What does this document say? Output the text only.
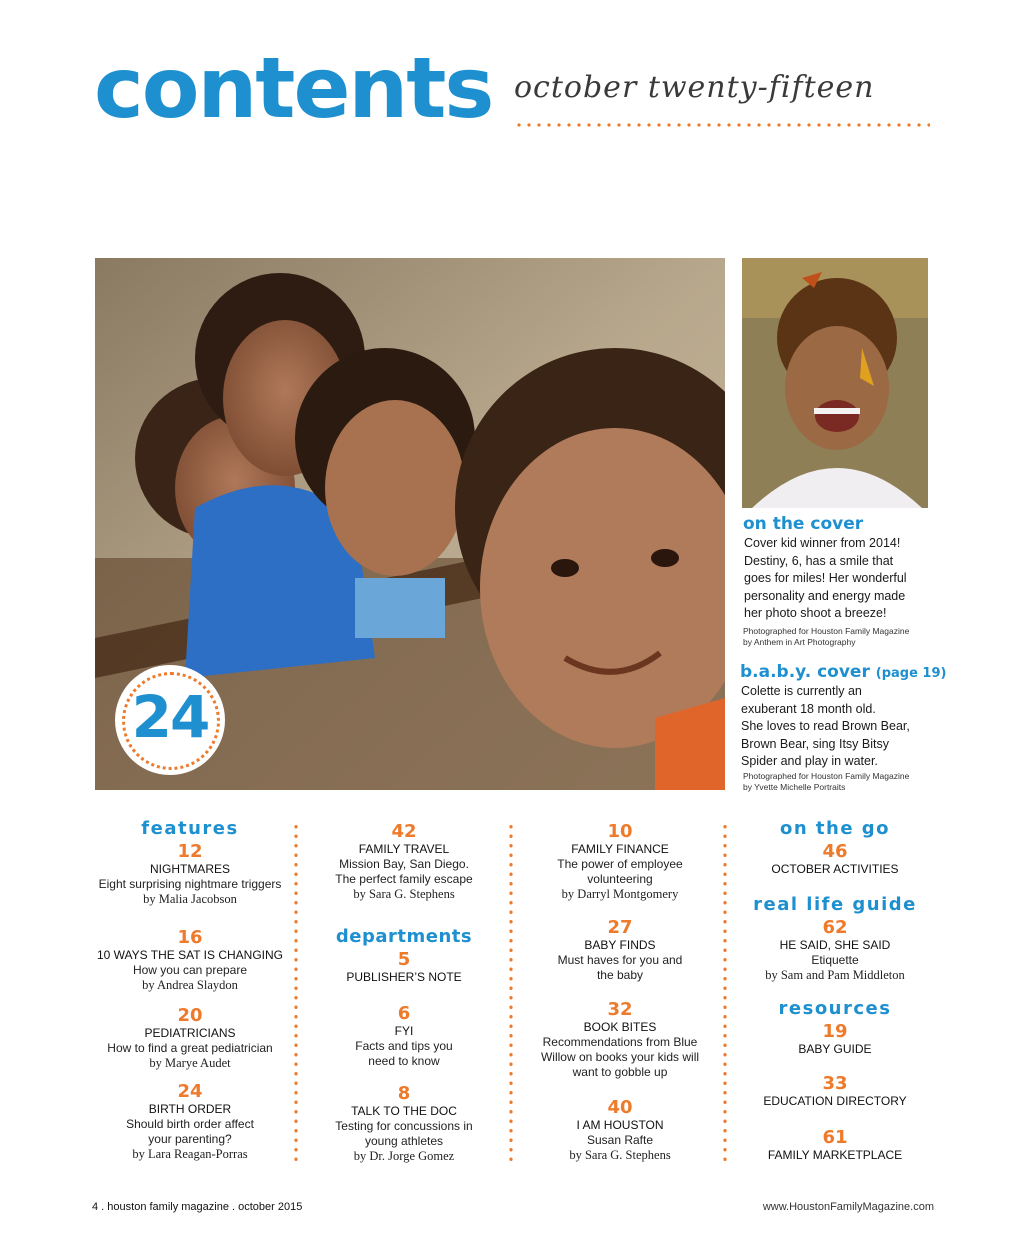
contents october twenty-fifteen
24
on the cover
Cover kid winner from 2014!
Destiny, 6, has a smile that
goes for miles! Her wonderful
personality and energy made
her photo shoot a breeze!
Photographed for Houston Family Magazine
by Anthem in Art Photography
b.a.b.y. cover (page 19)
Colette is currently an
exuberant 18 month old.
She loves to read Brown Bear,
Brown Bear, sing Itsy Bitsy
Spider and play in water.
Photographed for Houston Family Magazine
by Yvette Michelle Portraits
features
12
NIGHTMARES
Eight surprising nightmare triggers
by Malia Jacobson
16
10 WAYS THE SAT IS CHANGING
How you can prepare
by Andrea Slaydon
20
PEDIATRICIANS
How to find a great pediatrician
by Marye Audet
24
BIRTH ORDER
Should birth order affect
your parenting?
by Lara Reagan-Porras
42
FAMILY TRAVEL
Mission Bay, San Diego.
The perfect family escape
by Sara G. Stephens
departments
5
PUBLISHER’S NOTE
6
FYI
Facts and tips you
need to know
8
TALK TO THE DOC
Testing for concussions in
young athletes
by Dr. Jorge Gomez
10
FAMILY FINANCE
The power of employee
volunteering
by Darryl Montgomery
27
BABY FINDS
Must haves for you and
the baby
32
BOOK BITES
Recommendations from Blue
Willow on books your kids will
want to gobble up
40
I AM HOUSTON
Susan Rafte
by Sara G. Stephens
on the go
46
OCTOBER ACTIVITIES
real life guide
62
HE SAID, SHE SAID
Etiquette
by Sam and Pam Middleton
resources
19
BABY GUIDE
33
EDUCATION DIRECTORY
61
FAMILY MARKETPLACE
4 . houston family magazine . october 2015	www.HoustonFamilyMagazine.com
